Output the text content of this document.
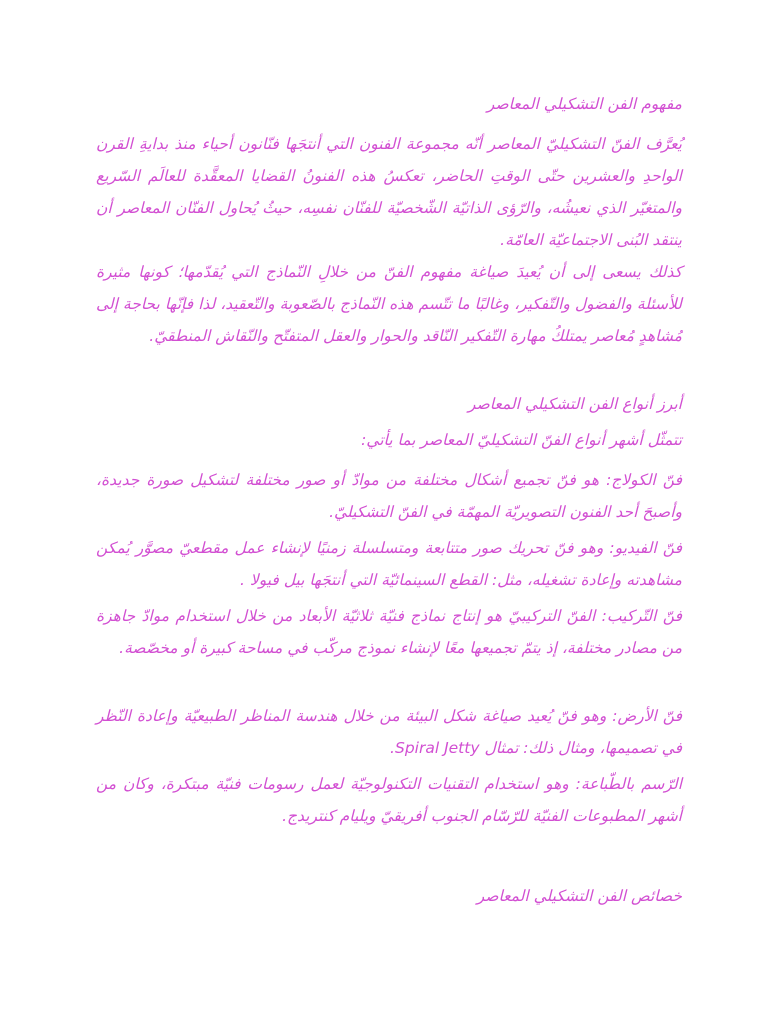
مفهوم الفن التشكيلي المعاصر

يُعرَّف الفنّ التشكيليّ المعاصر أنّه مجموعة الفنون التي أنتجَها فنّانون أحياء منذ بدايةِ القرن الواحدِ والعشرين حتّى الوقتِ الحاضر، تعكسُ هذه الفنونُ القضايا المعقَّدة للعالَم السّريع والمتغيّر الذي نعيشُه، والرّؤى الذاتيّة الشّخصيّة للفنّان نفسِه، حيثُ يُحاول الفنّان المعاصر أن ينتقد البُنى الاجتماعيّة العامّة.

كذلك يسعى إلى أن يُعيدَ صياغة مفهوم الفنّ من خلالِ النّماذج التي يُقدّمها؛ كونها مثيرة للأسئلة والفضول والتّفكير، وغالبًا ما تتّسم هذه النّماذج بالصّعوبة والتّعقيد، لذا فإنّها بحاجة إلى مُشاهدٍ مُعاصر يمتلكُ مهارة التّفكير النّاقد والحوار والعقل المتفتّح والنّقاش المنطقيّ.

أبرز أنواع الفن التشكيلي المعاصر

تتمثّل أشهر أنواع الفنّ التشكيليّ المعاصر بما يأتي:

فنّ الكولاج: هو فنّ تجميع أشكال مختلفة من موادّ أو صور مختلفة لتشكيل صورة جديدة، وأصبحَ أحد الفنون التصويريّة المهمّة في الفنّ التشكيليّ.

فنّ الفيديو: وهو فنّ تحريك صور متتابعة ومتسلسلة زمنيًا لإنشاء عمل مقطعيّ مصوَّر يُمكن مشاهدته وإعادة تشغيله، مثل: القطع السينمائيّة التي أنتجَها بيل فيولا .

فنّ التّركيب: الفنّ التركيبيّ هو إنتاج نماذج فنيّة ثلاثيّة الأبعاد من خلال استخدام موادّ جاهزة من مصادر مختلفة، إذ يتمّ تجميعها معًا لإنشاء نموذج مركّب في مساحة كبيرة أو مخصّصة.

فنّ الأرض: وهو فنّ يُعيد صياغة شكل البيئة من خلال هندسة المناظر الطبيعيّة وإعادة النّظر في تصميمها، ومثال ذلك: تمثال Spiral Jetty.

الرّسم بالطّباعة: وهو استخدام التقنيات التكنولوجيّة لعمل رسومات فنيّة مبتكرة، وكان من أشهر المطبوعات الفنيّة للرّسّام الجنوب أفريقيّ ويليام كنتريدج.

خصائص الفن التشكيلي المعاصر
